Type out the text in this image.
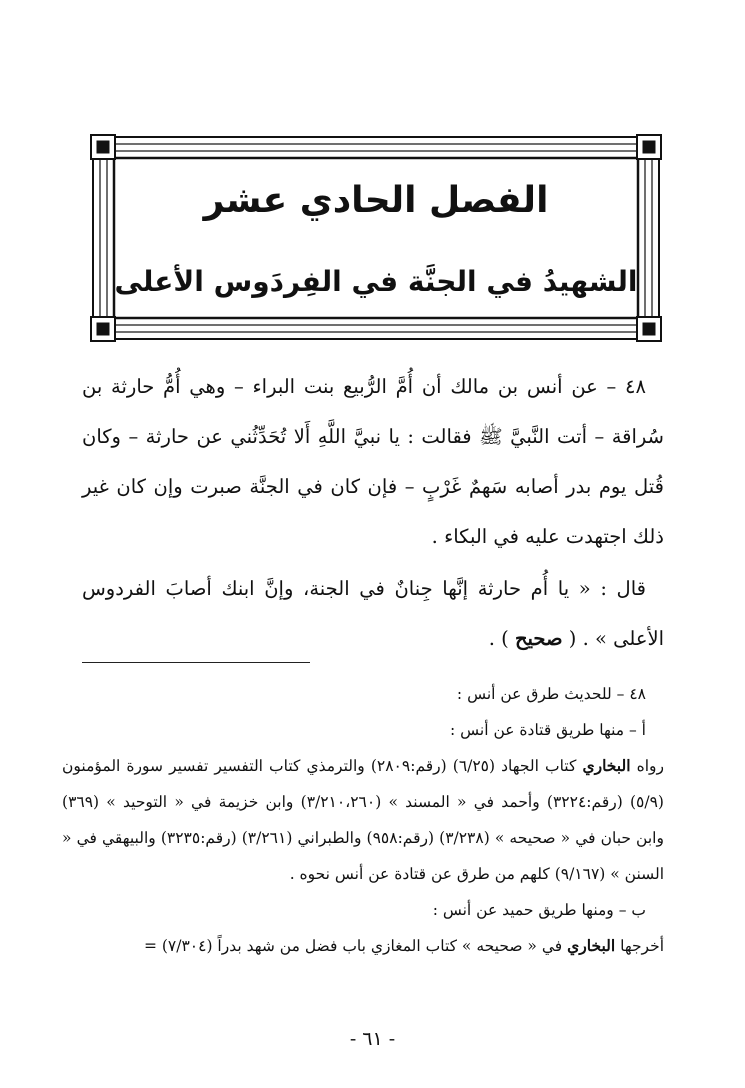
الفصل الحادي عشر
الشهيدُ في الجنَّة في الفِردَوس الأعلى

٤٨ – عن أنس بن مالك أن أُمَّ الرُّبيع بنت البراء – وهي أُمُّ حارثة بن سُراقة – أتت النَّبيَّ ﷺ فقالت : يا نبيَّ اللَّهِ أَلا تُحَدِّثُني عن حارثة – وكان قُتل يوم بدر أصابه سَهمٌ غَرْبٍ – فإن كان في الجنَّة صبرت وإن كان غير ذلك اجتهدت عليه في البكاء .

قال : « يا أُم حارثة إنَّها جِنانٌ في الجنة، وإنَّ ابنك أصابَ الفردوس الأعلى » . ( صحيح ) .

٤٨ – للحديث طرق عن أنس :

أ – منها طريق قتادة عن أنس :

رواه البخاري كتاب الجهاد (٦/٢٥) (رقم:٢٨٠٩) والترمذي كتاب التفسير تفسير سورة المؤمنون (٥/٩) (رقم:٣٢٢٤) وأحمد في « المسند » (٣/٢١٠،٢٦٠) وابن خزيمة في « التوحيد » (٣٦٩) وابن حبان في « صحيحه » (٣/٢٣٨) (رقم:٩٥٨) والطبراني (٣/٢٦١) (رقم:٣٢٣٥) والبيهقي في « السنن » (٩/١٦٧) كلهم من طرق عن قتادة عن أنس نحوه .

ب – ومنها طريق حميد عن أنس :

أخرجها البخاري في « صحيحه » كتاب المغازي باب فضل من شهد بدراً (٧/٣٠٤) =

- ٦١ -
